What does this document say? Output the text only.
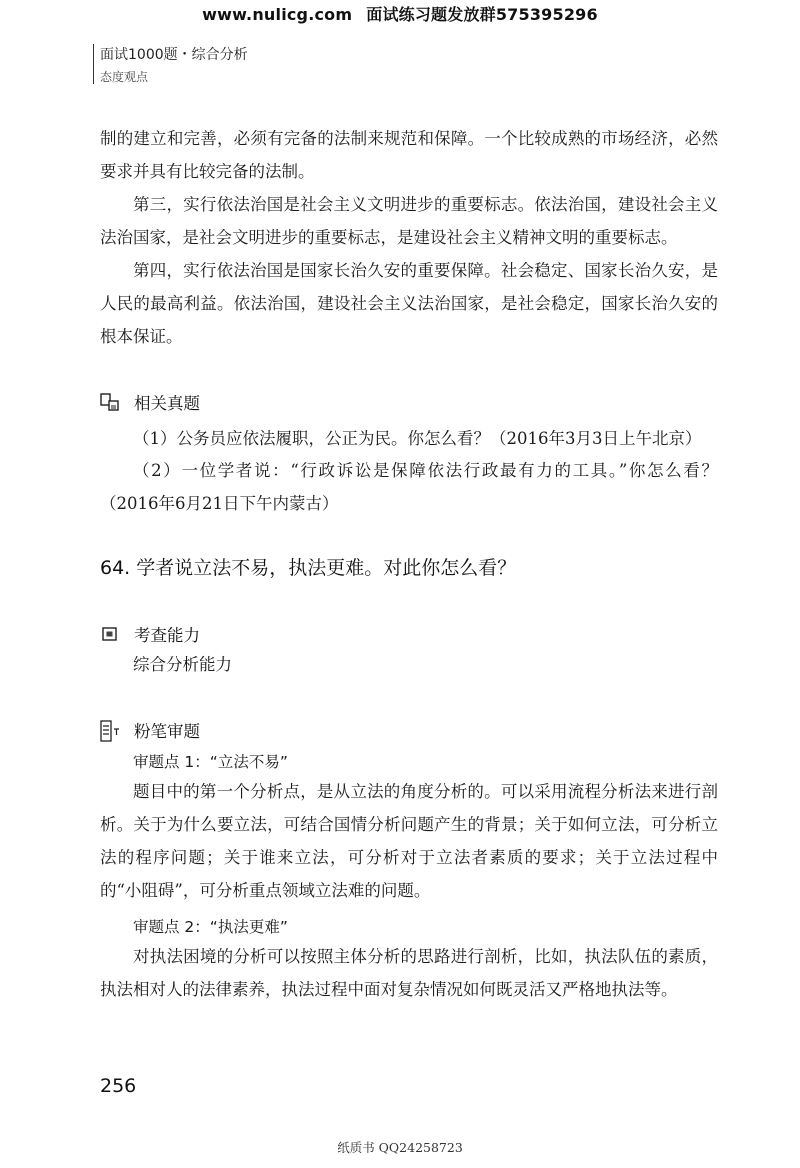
www.nulicg.com 面试练习题发放群575395296
面试1000题・综合分析
态度观点

制的建立和完善，必须有完备的法制来规范和保障。一个比较成熟的市场经济，必然要求并具有比较完备的法制。

第三，实行依法治国是社会主义文明进步的重要标志。依法治国，建设社会主义法治国家，是社会文明进步的重要标志，是建设社会主义精神文明的重要标志。

第四，实行依法治国是国家长治久安的重要保障。社会稳定、国家长治久安，是人民的最高利益。依法治国，建设社会主义法治国家，是社会稳定，国家长治久安的根本保证。

相关真题

（1）公务员应依法履职，公正为民。你怎么看？（2016年3月3日上午北京）

（2）一位学者说：“行政诉讼是保障依法行政最有力的工具。”你怎么看？（2016年6月21日下午内蒙古）

64. 学者说立法不易，执法更难。对此你怎么看？
考查能力

综合分析能力

粉笔审题
审题点 1：“立法不易”

题目中的第一个分析点，是从立法的角度分析的。可以采用流程分析法来进行剖析。关于为什么要立法，可结合国情分析问题产生的背景；关于如何立法，可分析立法的程序问题；关于谁来立法，可分析对于立法者素质的要求；关于立法过程中的“小阻碍”，可分析重点领域立法难的问题。

审题点 2：“执法更难”

对执法困境的分析可以按照主体分析的思路进行剖析，比如，执法队伍的素质，执法相对人的法律素养，执法过程中面对复杂情况如何既灵活又严格地执法等。

256
纸质书 QQ24258723
